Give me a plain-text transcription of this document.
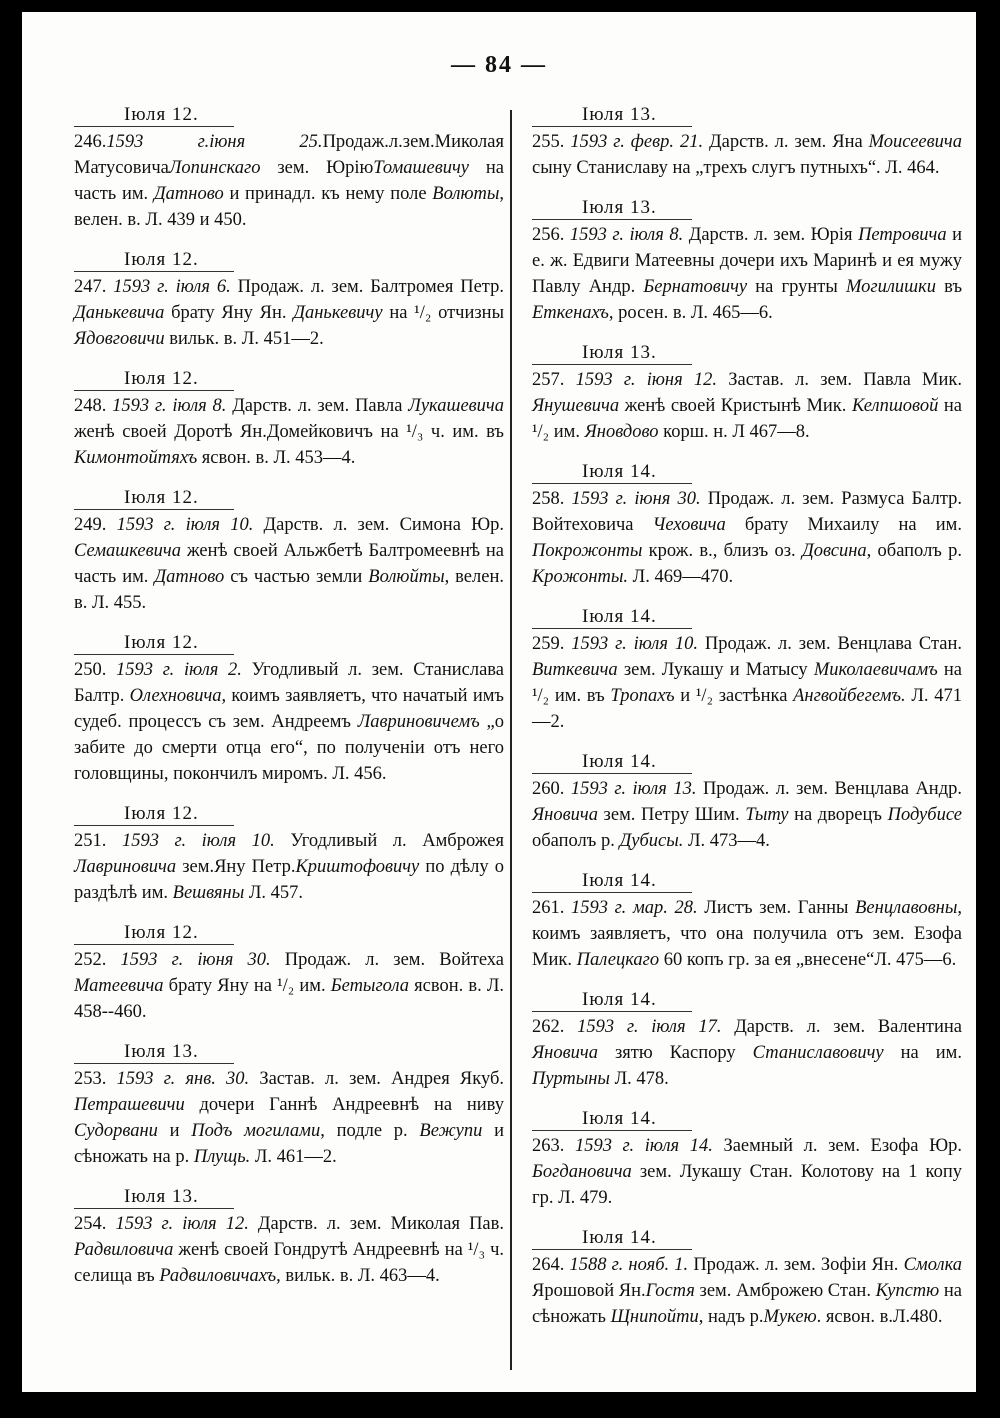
— 84 —
Іюля 12.
246.1593 г.іюня 25.Продаж.л.зем.Миколая МатусовичаЛопинскаго зем. ЮріюТомашевичу на часть им. Датново и принадл. къ нему поле Волюты, велен. в. Л. 439 и 450.
Іюля 12.
247. 1593 г. іюля 6. Продаж. л. зем. Балтромея Петр. Данькевича брату Яну Ян. Данькевичу на ¹/₂ отчизны Ядовговичи вильк. в. Л. 451—2.
Іюля 12.
248. 1593 г. іюля 8. Дарств. л. зем. Павла Лукашевича женѣ своей Доротѣ Ян.Домейковичъ на ¹/₃ ч. им. въ Кимонтойтяхъ ясвон. в. Л. 453—4.
Іюля 12.
249. 1593 г. іюля 10. Дарств. л. зем. Симона Юр. Семашкевича женѣ своей Альжбетѣ Балтромеевнѣ на часть им. Датново съ частью земли Волюйты, велен. в. Л. 455.
Іюля 12.
250. 1593 г. іюля 2. Угодливый л. зем. Станислава Балтр. Олехновича, коимъ заявляетъ, что начатый имъ судеб. процессъ съ зем. Андреемъ Лавриновичемъ „о забите до смерти отца его“, по полученіи отъ него головщины, покончилъ миромъ. Л. 456.
Іюля 12.
251. 1593 г. іюля 10. Угодливый л. Амброжея Лавриновича зем.Яну Петр.Криштофовичу по дѣлу о раздѣлѣ им. Вешвяны Л. 457.
Іюля 12.
252. 1593 г. іюня 30. Продаж. л. зем. Войтеха Матеевича брату Яну на ¹/₂ им. Бетыгола ясвон. в. Л. 458--460.
Іюля 13.
253. 1593 г. янв. 30. Застав. л. зем. Андрея Якуб. Петрашевичи дочери Ганнѣ Андреевнѣ на ниву Судорвани и Подъ могилами, подле р. Вежупи и сѣножать на р. Плущь. Л. 461—2.
Іюля 13.
254. 1593 г. іюля 12. Дарств. л. зем. Миколая Пав. Радвиловича женѣ своей Гондрутѣ Андреевнѣ на ¹/₃ ч. селища въ Радвиловичахъ, вильк. в. Л. 463—4.
Іюля 13.
255. 1593 г. февр. 21. Дарств. л. зем. Яна Моисеевича сыну Станиславу на „трехъ слугъ путныхъ“. Л. 464.
Іюля 13.
256. 1593 г. іюля 8. Дарств. л. зем. Юрія Петровича и е. ж. Едвиги Матеевны дочери ихъ Маринѣ и ея мужу Павлу Андр. Бернатовичу на грунты Могилишки въ Еткенахъ, росен. в. Л. 465—6.
Іюля 13.
257. 1593 г. іюня 12. Застав. л. зем. Павла Мик. Янушевича женѣ своей Кристынѣ Мик. Келпшовой на ¹/₂ им. Яновдово корш. н. Л 467—8.
Іюля 14.
258. 1593 г. іюня 30. Продаж. л. зем. Размуса Балтр. Войтеховича Чеховича брату Михаилу на им. Покрожонты крож. в., близъ оз. Довсина, обаполъ р. Крожонты. Л. 469—470.
Іюля 14.
259. 1593 г. іюля 10. Продаж. л. зем. Венцлава Стан. Виткевича зем. Лукашу и Матысу Миколаевичамъ на ¹/₂ им. въ Тропахъ и ¹/₂ застѣнка Ангвойбегемъ. Л. 471—2.
Іюля 14.
260. 1593 г. іюля 13. Продаж. л. зем. Венцлава Андр. Яновича зем. Петру Шим. Тыту на дворецъ Подубисе обаполъ р. Дубисы. Л. 473—4.
Іюля 14.
261. 1593 г. мар. 28. Листъ зем. Ганны Венцлавовны, коимъ заявляетъ, что она получила отъ зем. Езофа Мик. Палецкаго 60 копъ гр. за ея „внесене“Л. 475—6.
Іюля 14.
262. 1593 г. іюля 17. Дарств. л. зем. Валентина Яновича зятю Каспору Станиславовичу на им. Пуртыны Л. 478.
Іюля 14.
263. 1593 г. іюля 14. Заемный л. зем. Езофа Юр. Богдановича зем. Лукашу Стан. Колотову на 1 копу гр. Л. 479.
Іюля 14.
264. 1588 г. нояб. 1. Продаж. л. зем. Зофіи Ян. Смолка Ярошовой Ян.Гостя зем. Амброжею Стан. Купстю на сѣножать Щнипойти, надъ р.Мукею. ясвон. в.Л.480.
